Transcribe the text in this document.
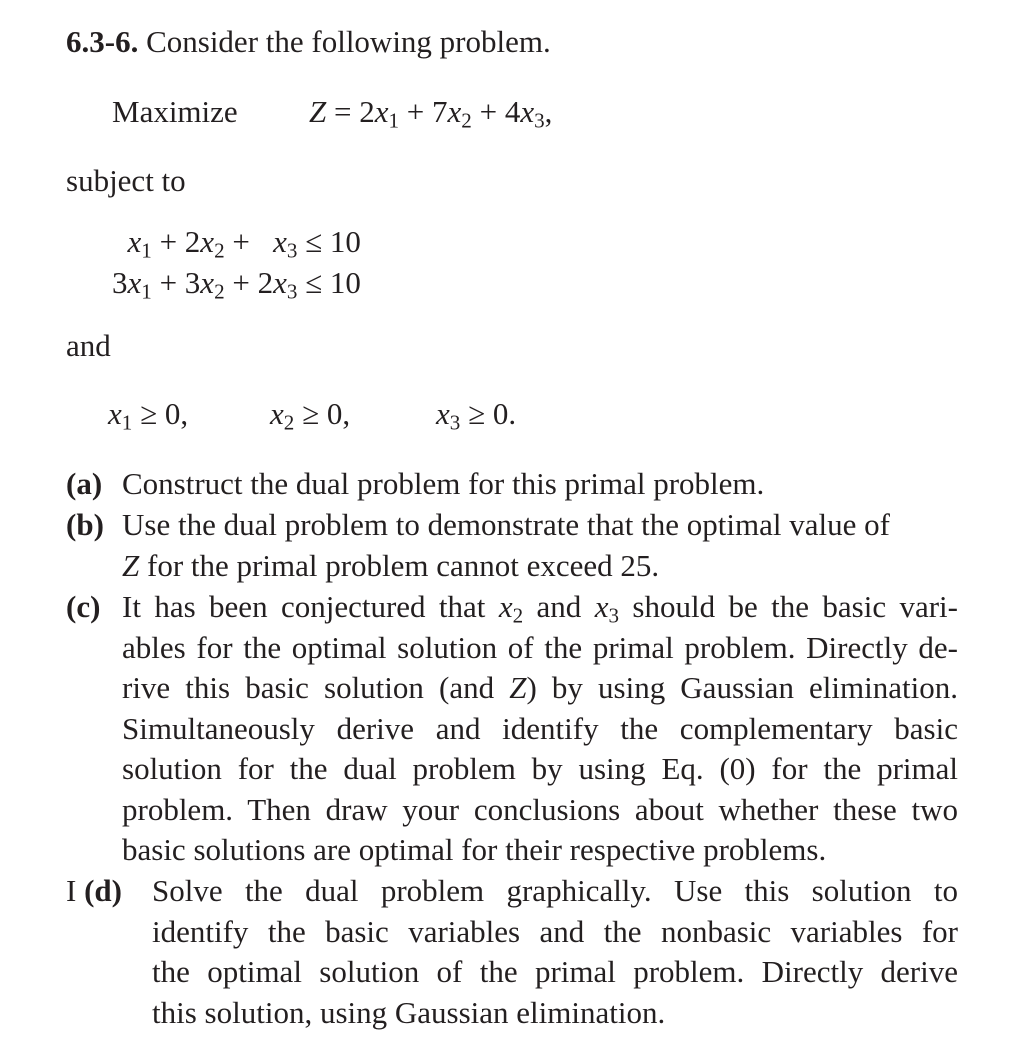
6.3-6. Consider the following problem.
Maximize $Z = 2x_1 + 7x_2 + 4x_3$,
subject to
$x_1 + 2x_2 + x_3 \le 10$
$3x_1 + 3x_2 + 2x_3 \le 10$
and
$x_1 \ge 0$,	$x_2 \ge 0$,	$x_3 \ge 0$.
(a) Construct the dual problem for this primal problem.
(b) Use the dual problem to demonstrate that the optimal value of
Z for the primal problem cannot exceed 25.
(c) It has been conjectured that $x_2$ and $x_3$ should be the basic vari-
ables for the optimal solution of the primal problem. Directly de-
rive this basic solution (and Z) by using Gaussian elimination.
Simultaneously derive and identify the complementary basic
solution for the dual problem by using Eq. (0) for the primal
problem. Then draw your conclusions about whether these two
basic solutions are optimal for their respective problems.
I (d) Solve the dual problem graphically. Use this solution to
identify the basic variables and the nonbasic variables for
the optimal solution of the primal problem. Directly derive
this solution, using Gaussian elimination.
